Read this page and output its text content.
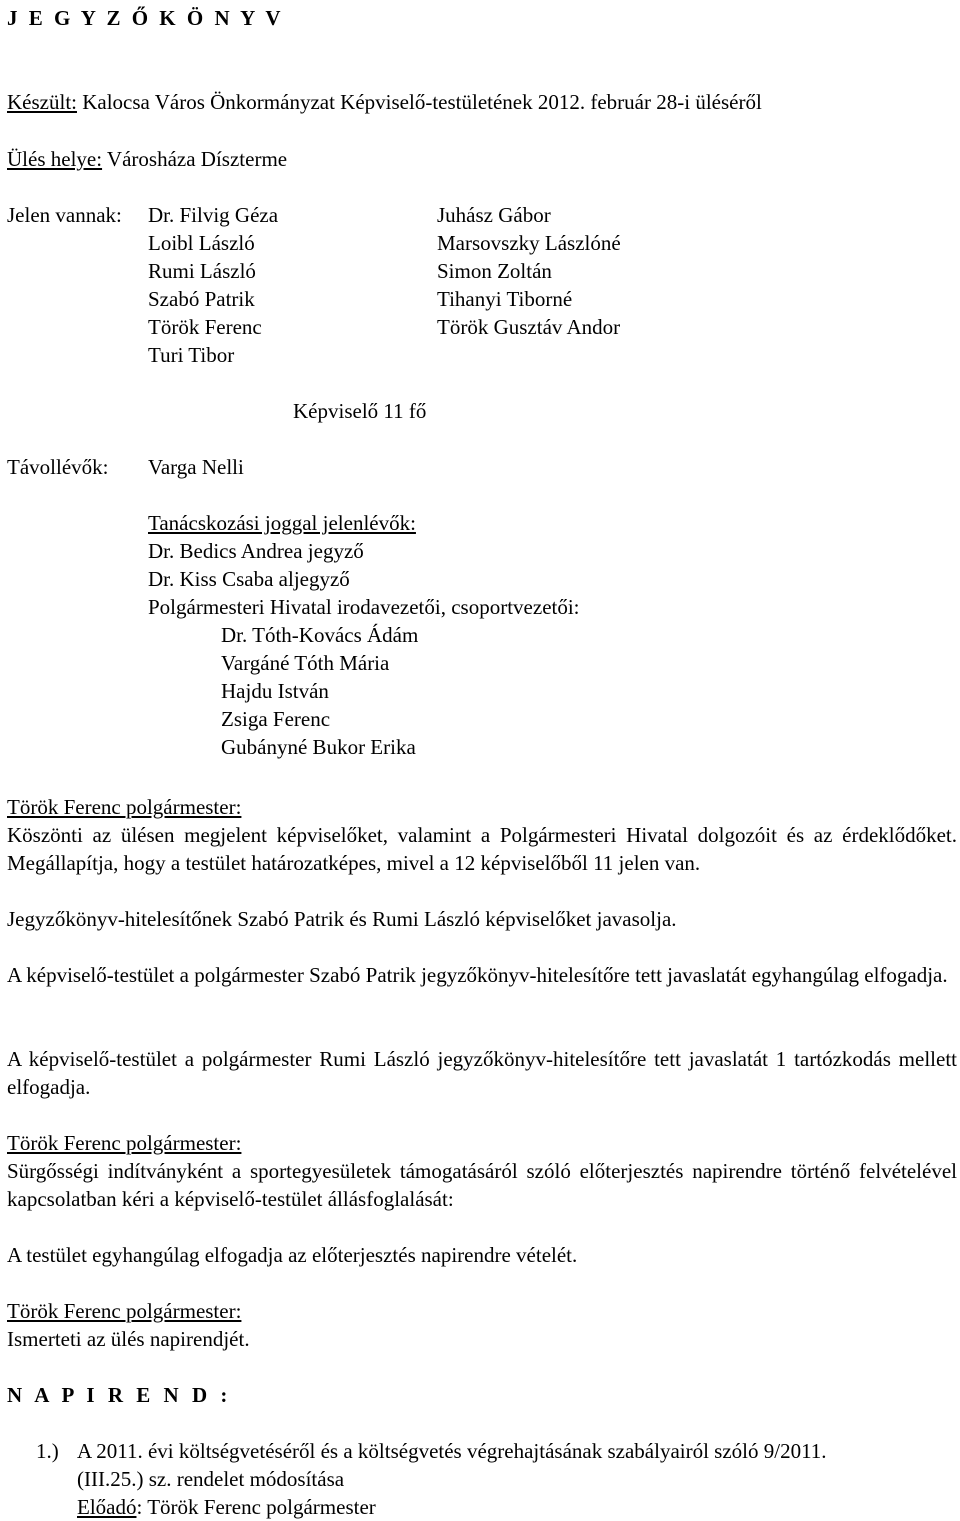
J E G Y Z Ő K Ö N Y V
Készült: Kalocsa Város Önkormányzat Képviselő-testületének 2012. február 28-i üléséről
Ülés helye: Városháza Díszterme
Jelen vannak: Dr. Filvig Géza
Loibl László
Rumi László
Szabó Patrik
Török Ferenc
Turi Tibor
Juhász Gábor
Marsovszky Lászlóné
Simon Zoltán
Tihanyi Tiborné
Török Gusztáv Andor
Képviselő 11 fő
Távollévők: Varga Nelli
Tanácskozási joggal jelenlévők:
Dr. Bedics Andrea jegyző
Dr. Kiss Csaba aljegyző
Polgármesteri Hivatal irodavezetői, csoportvezetői:
Dr. Tóth-Kovács Ádám
Vargáné Tóth Mária
Hajdu István
Zsiga Ferenc
Gubányné Bukor Erika
Török Ferenc polgármester:
Köszönti az ülésen megjelent képviselőket, valamint a Polgármesteri Hivatal dolgozóit és az érdeklődőket. Megállapítja, hogy a testület határozatképes, mivel a 12 képviselőből 11 jelen van.
Jegyzőkönyv-hitelesítőnek Szabó Patrik és Rumi László képviselőket javasolja.
A képviselő-testület a polgármester Szabó Patrik jegyzőkönyv-hitelesítőre tett javaslatát egyhangúlag elfogadja.
A képviselő-testület a polgármester Rumi László jegyzőkönyv-hitelesítőre tett javaslatát 1 tartózkodás mellett elfogadja.
Török Ferenc polgármester:
Sürgősségi indítványként a sportegyesületek támogatásáról szóló előterjesztés napirendre történő felvételével kapcsolatban kéri a képviselő-testület állásfoglalását:
A testület egyhangúlag elfogadja az előterjesztés napirendre vételét.
Török Ferenc polgármester:
Ismerteti az ülés napirendjét.
N A P I R E N D :
1.) A 2011. évi költségvetéséről és a költségvetés végrehajtásának szabályairól szóló 9/2011.
(III.25.) sz. rendelet módosítása
Előadó: Török Ferenc polgármester
